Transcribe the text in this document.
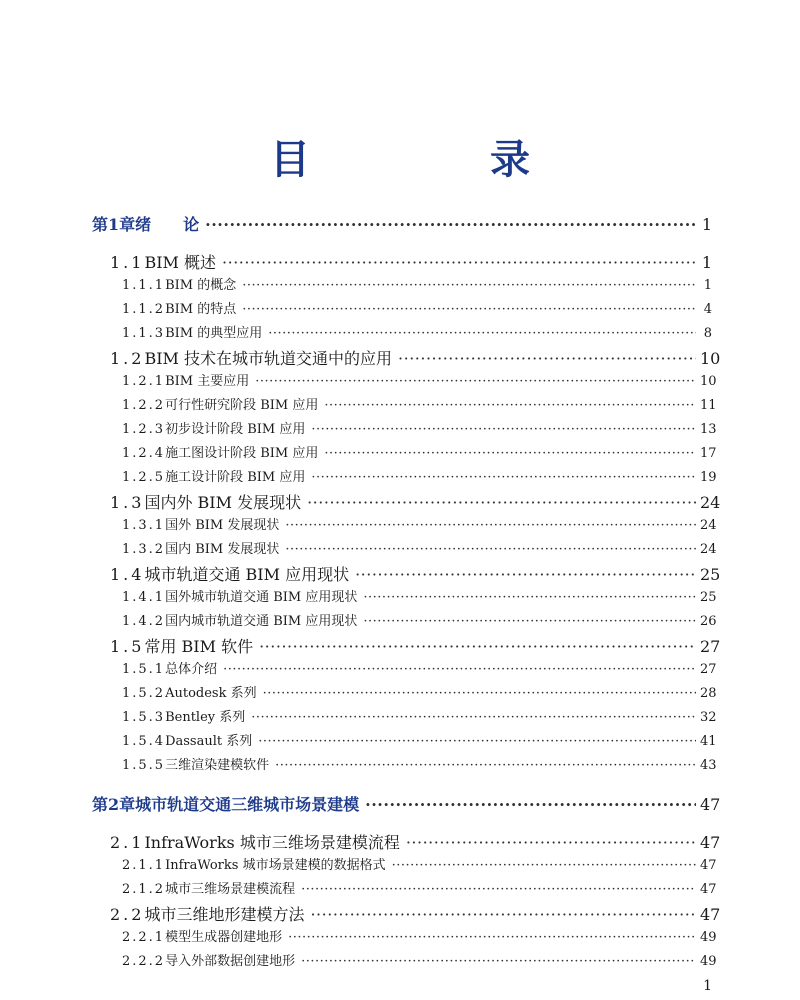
目　录
第1章 绪　　论 ·····	1
1.1 BIM 概述 ·····	1
1.1.1 BIM 的概念 ·····	1
1.1.2 BIM 的特点 ·····	4
1.1.3 BIM 的典型应用 ·····	8
1.2 BIM 技术在城市轨道交通中的应用 ·····	10
1.2.1 BIM 主要应用 ·····	10
1.2.2 可行性研究阶段 BIM 应用 ·····	11
1.2.3 初步设计阶段 BIM 应用 ·····	13
1.2.4 施工图设计阶段 BIM 应用 ·····	17
1.2.5 施工设计阶段 BIM 应用 ·····	19
1.3 国内外 BIM 发展现状 ·····	24
1.3.1 国外 BIM 发展现状 ·····	24
1.3.2 国内 BIM 发展现状 ·····	24
1.4 城市轨道交通 BIM 应用现状 ·····	25
1.4.1 国外城市轨道交通 BIM 应用现状 ·····	25
1.4.2 国内城市轨道交通 BIM 应用现状 ·····	26
1.5 常用 BIM 软件 ·····	27
1.5.1 总体介绍 ·····	27
1.5.2 Autodesk 系列 ·····	28
1.5.3 Bentley 系列 ·····	32
1.5.4 Dassault 系列 ·····	41
1.5.5 三维渲染建模软件 ·····	43
第2章 城市轨道交通三维城市场景建模 ·····	47
2.1 InfraWorks 城市三维场景建模流程 ·····	47
2.1.1 InfraWorks 城市场景建模的数据格式 ·····	47
2.1.2 城市三维场景建模流程 ·····	47
2.2 城市三维地形建模方法 ·····	47
2.2.1 模型生成器创建地形 ·····	49
2.2.2 导入外部数据创建地形 ·····	49
1
